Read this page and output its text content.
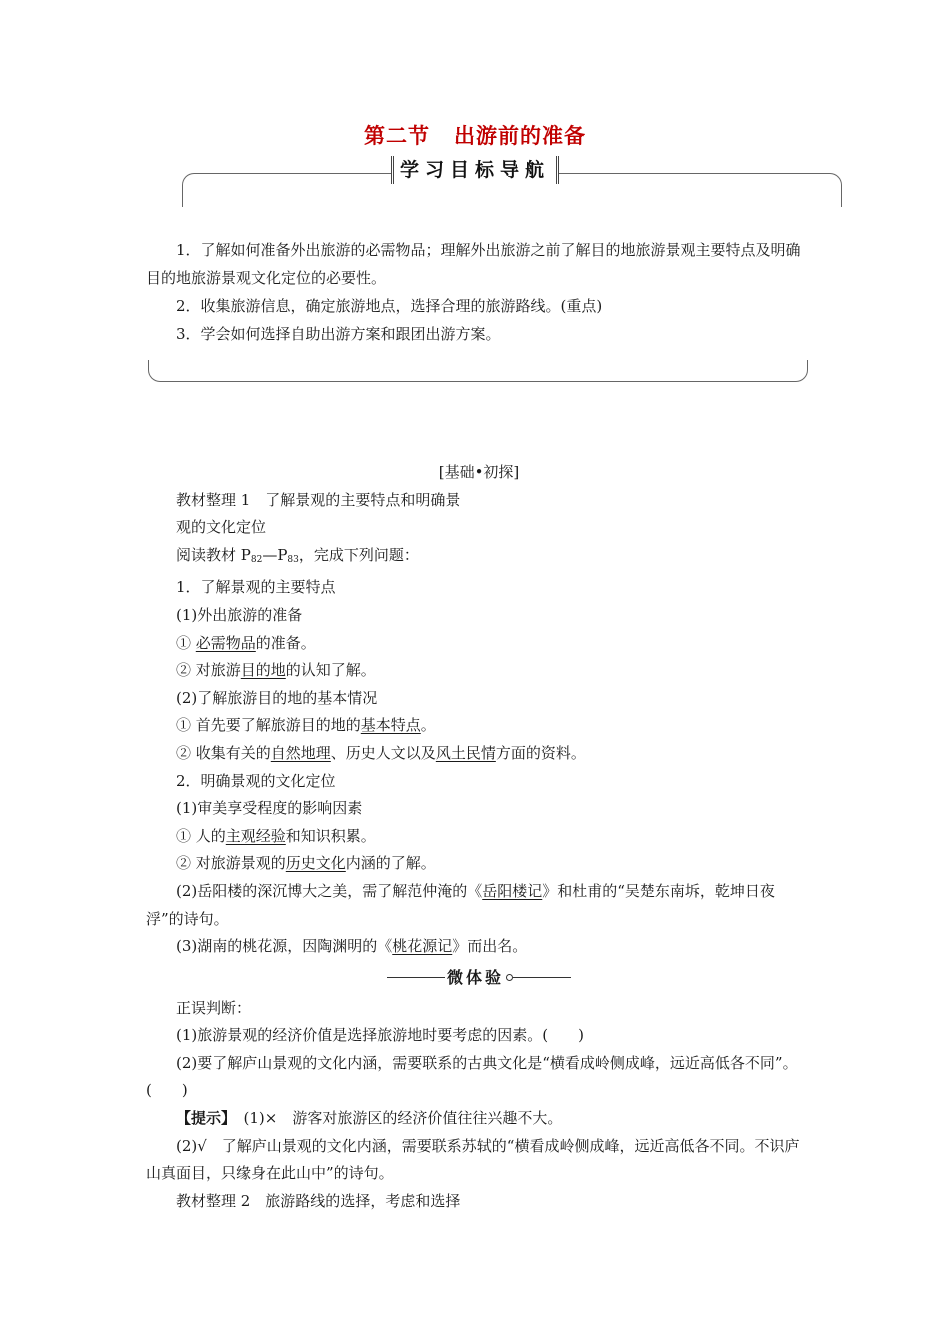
第二节 出游前的准备
学习目标导航

1．了解如何准备外出旅游的必需物品；理解外出旅游之前了解目的地旅游景观主要特点及明确目的地旅游景观文化定位的必要性。

2．收集旅游信息，确定旅游地点，选择合理的旅游路线。(重点)

3．学会如何选择自助出游方案和跟团出游方案。

[基础•初探]

教材整理 1　了解景观的主要特点和明确景

观的文化定位

阅读教材 $P_{82}—P_{83}$，完成下列问题：

1．了解景观的主要特点

(1)外出旅游的准备

① 必需物品的准备。

② 对旅游目的地的认知了解。

(2)了解旅游目的地的基本情况

① 首先要了解旅游目的地的基本特点。

② 收集有关的自然地理、历史人文以及风土民情方面的资料。

2．明确景观的文化定位

(1)审美享受程度的影响因素

① 人的主观经验和知识积累。

② 对旅游景观的历史文化内涵的了解。

(2)岳阳楼的深沉博大之美，需了解范仲淹的《岳阳楼记》和杜甫的“吴楚东南坼，乾坤日夜浮”的诗句。

(3)湖南的桃花源，因陶渊明的《桃花源记》而出名。

微体验

正误判断：

(1)旅游景观的经济价值是选择旅游地时要考虑的因素。(　　)

(2)要了解庐山景观的文化内涵，需要联系的古典文化是“横看成岭侧成峰，远近高低各不同”。 (　　)

【提示】　(1)×　游客对旅游区的经济价值往往兴趣不大。

(2)√　了解庐山景观的文化内涵，需要联系苏轼的“横看成岭侧成峰，远近高低各不同。不识庐山真面目，只缘身在此山中”的诗句。

教材整理 2　旅游路线的选择，考虑和选择
